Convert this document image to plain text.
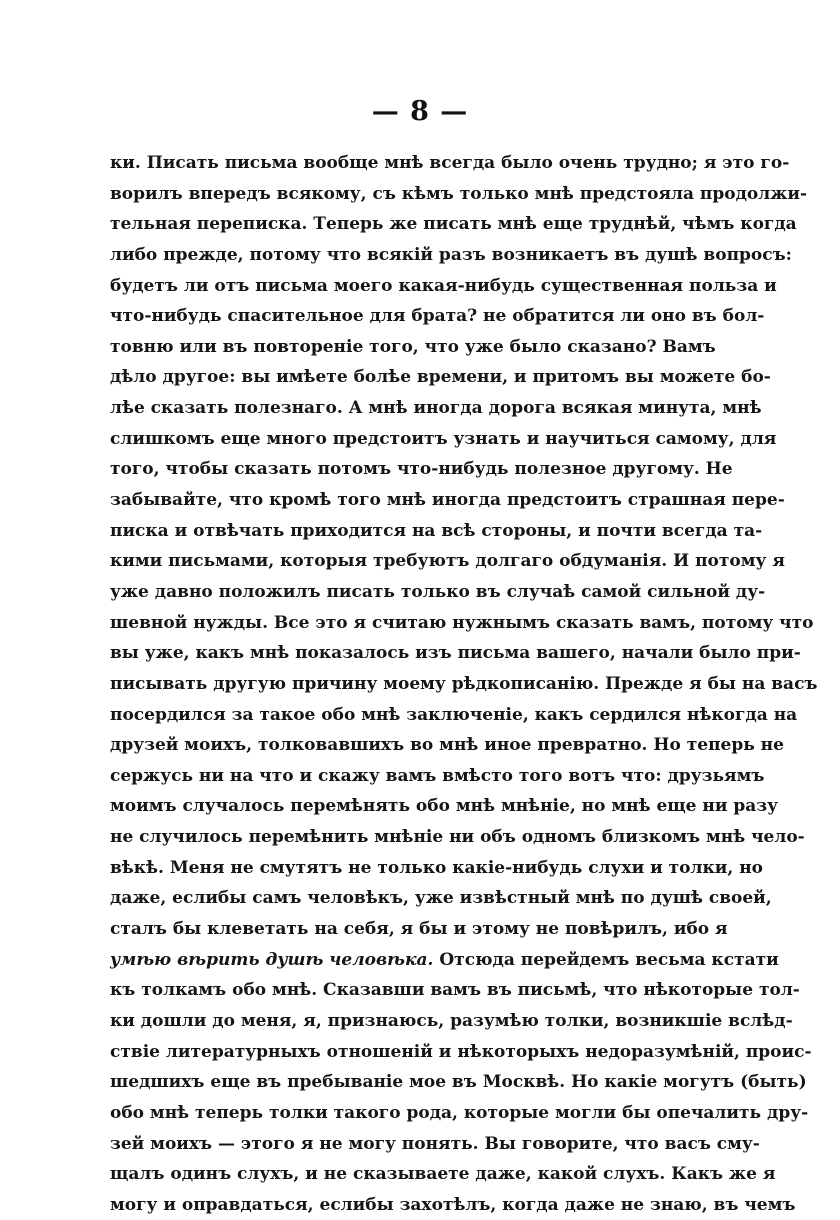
— 8 —
ки. Писать письма вообще мнѣ всегда было очень трудно; я это го-
ворилъ впередъ всякому, съ кѣмъ только мнѣ предстояла продолжи-
тельная переписка. Теперь же писать мнѣ еще труднѣй, чѣмъ когда
либо прежде, потому что всякій разъ возникаетъ въ душѣ вопросъ:
будетъ ли отъ письма моего какая-нибудь существенная польза и
что-нибудь спасительное для брата? не обратится ли оно въ бол-
товню или въ повтореніе того, что уже было сказано? Вамъ
дѣло другое: вы имѣете болѣе времени, и притомъ вы можете бо-
лѣе сказать полезнаго. А мнѣ иногда дорога всякая минута, мнѣ
слишкомъ еще много предстоитъ узнать и научиться самому, для
того, чтобы сказать потомъ что-нибудь полезное другому. Не
забывайте, что кромѣ того мнѣ иногда предстоитъ страшная пере-
писка и отвѣчать приходится на всѣ стороны, и почти всегда та-
кими письмами, которыя требуютъ долгаго обдуманія. И потому я
уже давно положилъ писать только въ случаѣ самой сильной ду-
шевной нужды. Все это я считаю нужнымъ сказать вамъ, потому что
вы уже, какъ мнѣ показалось изъ письма вашего, начали было при-
писывать другую причину моему рѣдкописанію. Прежде я бы на васъ
посердился за такое обо мнѣ заключеніе, какъ сердился нѣкогда на
друзей моихъ, толковавшихъ во мнѣ иное превратно. Но теперь не
сержусь ни на что и скажу вамъ вмѣсто того вотъ что: друзьямъ
моимъ случалось перемѣнять обо мнѣ мнѣніе, но мнѣ еще ни разу
не случилось перемѣнить мнѣніе ни объ одномъ близкомъ мнѣ чело-
вѣкѣ. Меня не смутятъ не только какіе-нибудь слухи и толки, но
даже, еслибы самъ человѣкъ, уже извѣстный мнѣ по душѣ своей,
сталъ бы клеветать на себя, я бы и этому не повѣрилъ, ибо я
умѣю вѣрить душѣ человѣка. Отсюда перейдемъ весьма кстати
къ толкамъ обо мнѣ. Сказавши вамъ въ письмѣ, что нѣкоторые тол-
ки дошли до меня, я, признаюсь, разумѣю толки, возникшіе вслѣд-
ствіе литературныхъ отношеній и нѣкоторыхъ недоразумѣній, проис-
шедшихъ еще въ пребываніе мое въ Москвѣ. Но какіе могутъ (быть)
обо мнѣ теперь толки такого рода, которые могли бы опечалить дру-
зей моихъ — этого я не могу понять. Вы говорите, что васъ сму-
щалъ одинъ слухъ, и не сказываете даже, какой слухъ. Какъ же я
могу и оправдаться, еслибы захотѣлъ, когда даже не знаю, въ чемъ
